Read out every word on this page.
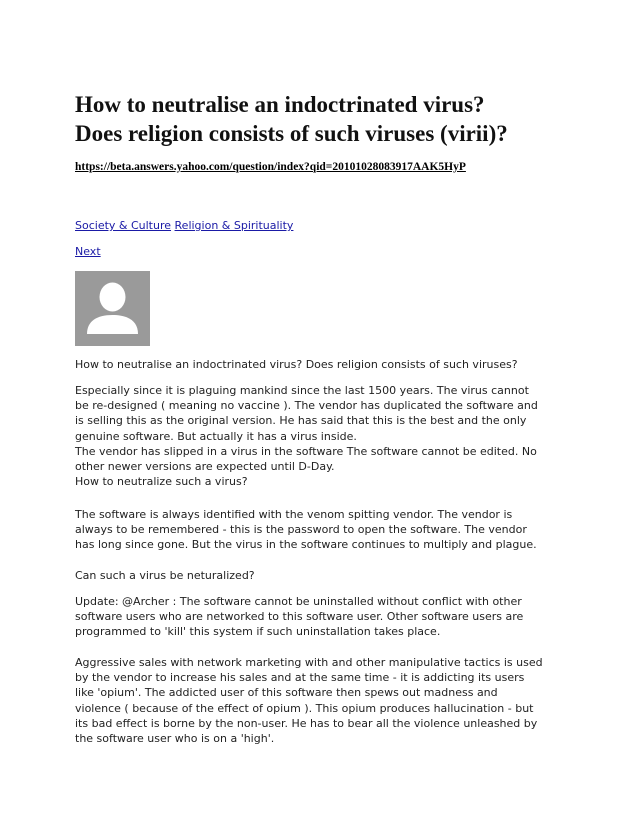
How to neutralise an indoctrinated virus?
Does religion consists of such viruses (virii)?
https://beta.answers.yahoo.com/question/index?qid=20101028083917AAK5HyP
Society & Culture Religion & Spirituality
Next

How to neutralise an indoctrinated virus? Does religion consists of such viruses?

Especially since it is plaguing mankind since the last 1500 years. The virus cannot
be re-designed ( meaning no vaccine ). The vendor has duplicated the software and
is selling this as the original version. He has said that this is the best and the only
genuine software. But actually it has a virus inside.
The vendor has slipped in a virus in the software The software cannot be edited. No
other newer versions are expected until D-Day.
How to neutralize such a virus?

The software is always identified with the venom spitting vendor. The vendor is
always to be remembered - this is the password to open the software. The vendor
has long since gone. But the virus in the software continues to multiply and plague.

Can such a virus be neturalized?

Update: @Archer : The software cannot be uninstalled without conflict with other
software users who are networked to this software user. Other software users are
programmed to 'kill' this system if such uninstallation takes place.

Aggressive sales with network marketing with and other manipulative tactics is used
by the vendor to increase his sales and at the same time - it is addicting its users
like 'opium'. The addicted user of this software then spews out madness and
violence ( because of the effect of opium ). This opium produces hallucination - but
its bad effect is borne by the non-user. He has to bear all the violence unleashed by
the software user who is on a 'high'.
